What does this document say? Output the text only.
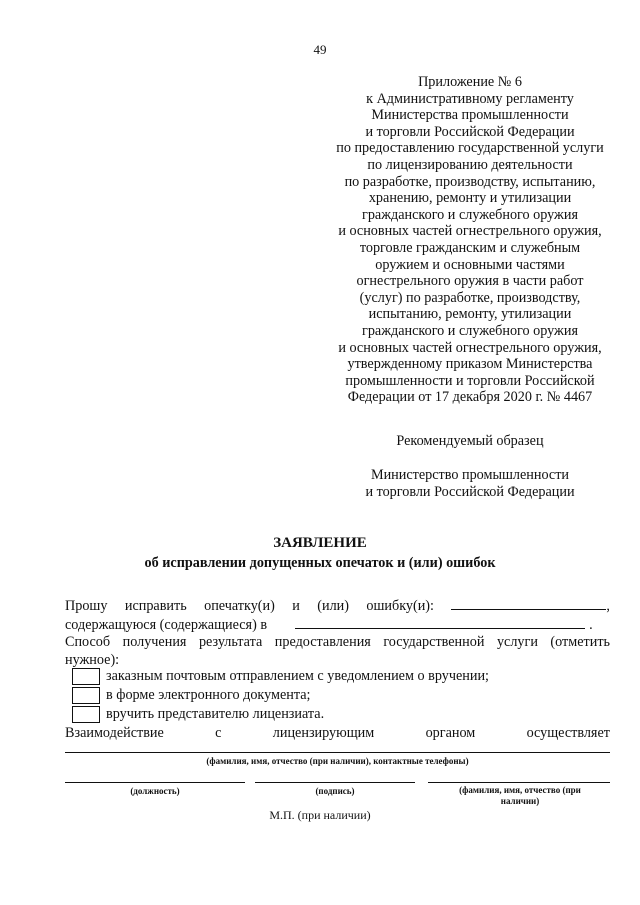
49
Приложение № 6
к Административному регламенту
Министерства промышленности
и торговли Российской Федерации
по предоставлению государственной услуги
по лицензированию деятельности
по разработке, производству, испытанию,
хранению, ремонту и утилизации
гражданского и служебного оружия
и основных частей огнестрельного оружия,
торговле гражданским и служебным
оружием и основными частями
огнестрельного оружия в части работ
(услуг) по разработке, производству,
испытанию, ремонту, утилизации
гражданского и служебного оружия
и основных частей огнестрельного оружия,
утвержденному приказом Министерства
промышленности и торговли Российской
Федерации от 17 декабря 2020 г. № 4467
Рекомендуемый образец
Министерство промышленности
и торговли Российской Федерации
ЗАЯВЛЕНИЕ
об исправлении допущенных опечаток и (или) ошибок
Прошу исправить опечатку(и) и (или) ошибку(и):	,
содержащуюся (содержащиеся) в	.
Способ получения результата предоставления государственной услуги (отметить
нужное):
заказным почтовым отправлением с уведомлением о вручении;
в форме электронного документа;
вручить представителю лицензиата.
Взаимодействие	с	лицензирующим	органом	осуществляет
(фамилия, имя, отчество (при наличии), контактные телефоны)
(должность)	(подпись)	(фамилия, имя, отчество (при наличии)
М.П. (при наличии)
